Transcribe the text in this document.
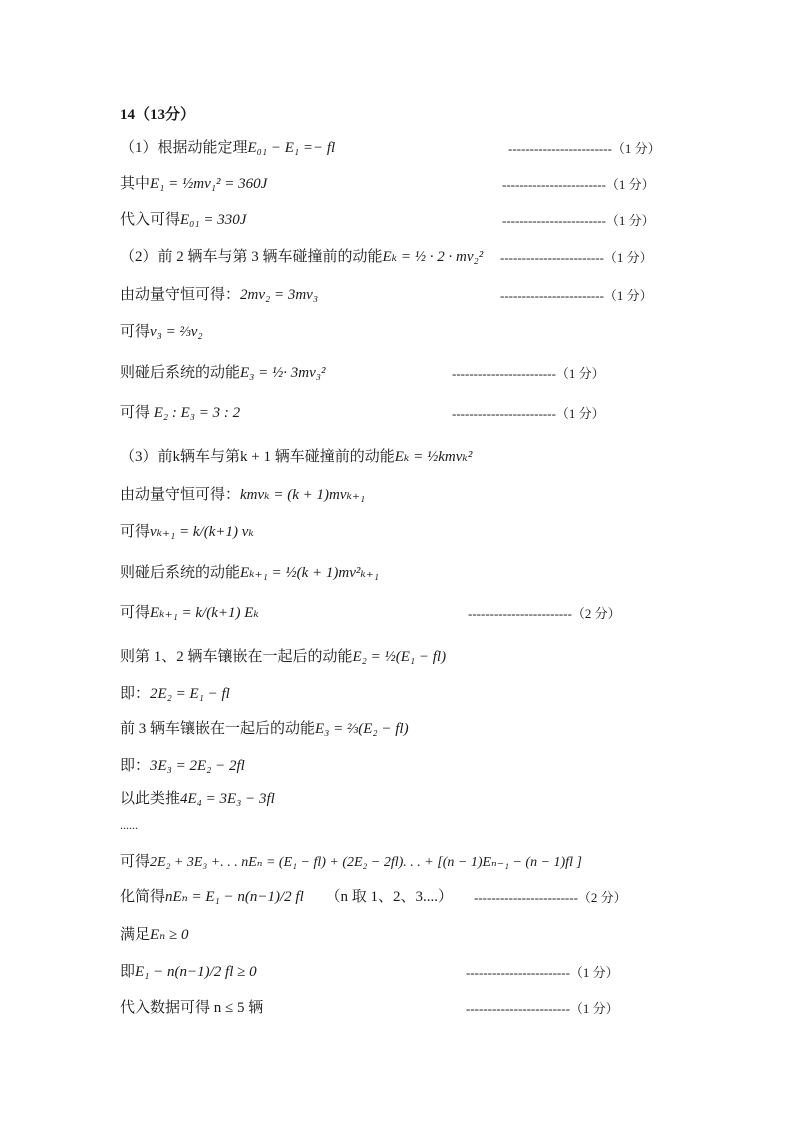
14（13分）
（1）根据动能定理E₀₁ − E₁ =− fl	------------------------（1 分）
其中E₁ = ½mv₁² = 360J	------------------------（1 分）
代入可得E₀₁ = 330J	------------------------（1 分）
（2）前 2 辆车与第 3 辆车碰撞前的动能Eₖ = ½ · 2 · mv₂²	------------------------（1 分）
由动量守恒可得：2mv₂ = 3mv₃	------------------------（1 分）
可得v₃ = ⅔v₂
则碰后系统的动能E₃ = ½· 3mv₃²	------------------------（1 分）
可得 E₂ : E₃ = 3 : 2	------------------------（1 分）
（3）前k辆车与第k + 1 辆车碰撞前的动能Eₖ = ½kmvₖ²
由动量守恒可得：kmvₖ = (k + 1)mvₖ₊₁
可得vₖ₊₁ = k/(k+1) vₖ
则碰后系统的动能Eₖ₊₁ = ½(k + 1)mv²ₖ₊₁
可得Eₖ₊₁ = k/(k+1) Eₖ	------------------------（2 分）
则第 1、2 辆车镶嵌在一起后的动能E₂ = ½(E₁ − fl)
即：2E₂ = E₁ − fl
前 3 辆车镶嵌在一起后的动能E₃ = ⅔(E₂ − fl)
即：3E₃ = 2E₂ − 2fl
以此类推4E₄ = 3E₃ − 3fl
......
可得2E₂ + 3E₃ +. . . nEₙ = (E₁ − fl) + (2E₂ − 2fl). . . + [(n − 1)Eₙ₋₁ − (n − 1)fl ]
化简得nEₙ = E₁ − n(n−1)/2 fl （n 取 1、2、3....）	------------------------（2 分）
满足Eₙ ≥ 0
即E₁ − n(n−1)/2 fl ≥ 0	------------------------（1 分）
代入数据可得 n ≤ 5 辆	------------------------（1 分）
